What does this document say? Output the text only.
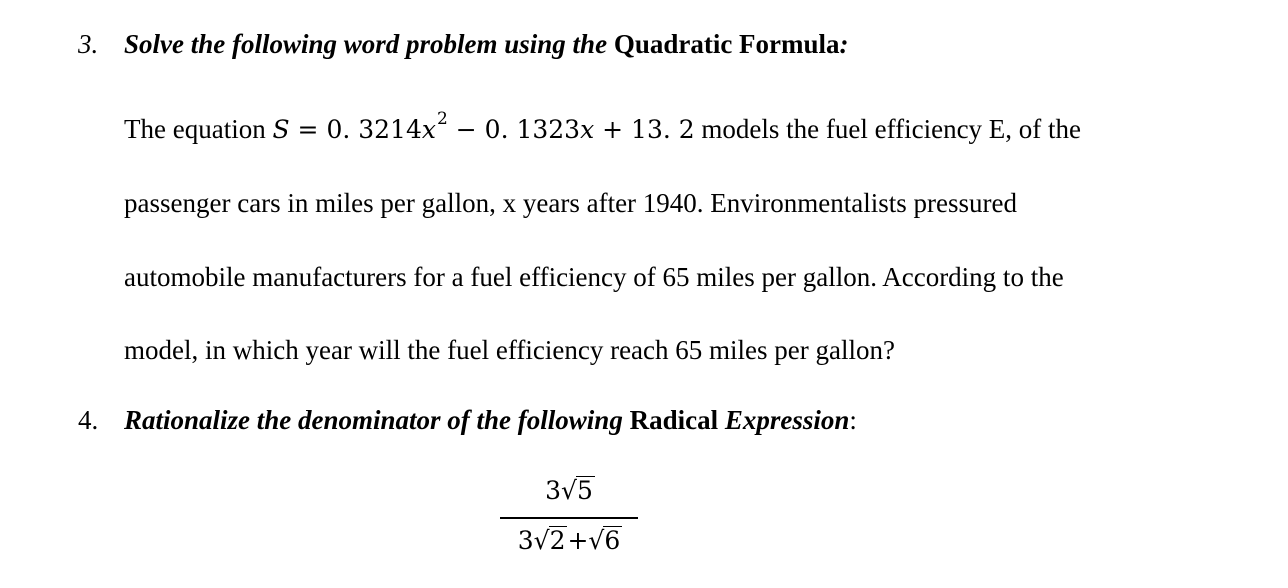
3. Solve the following word problem using the Quadratic Formula:
The equation S = 0. $3214x^2 - 0$. 1323x + 13. 2 models the fuel efficiency E, of the
passenger cars in miles per gallon, x years after 1940. Environmentalists pressured
automobile manufacturers for a fuel efficiency of 65 miles per gallon. According to the
model, in which year will the fuel efficiency reach 65 miles per gallon?
4. Rationalize the denominator of the following Radical Expression:
3√5
3√2+√6
